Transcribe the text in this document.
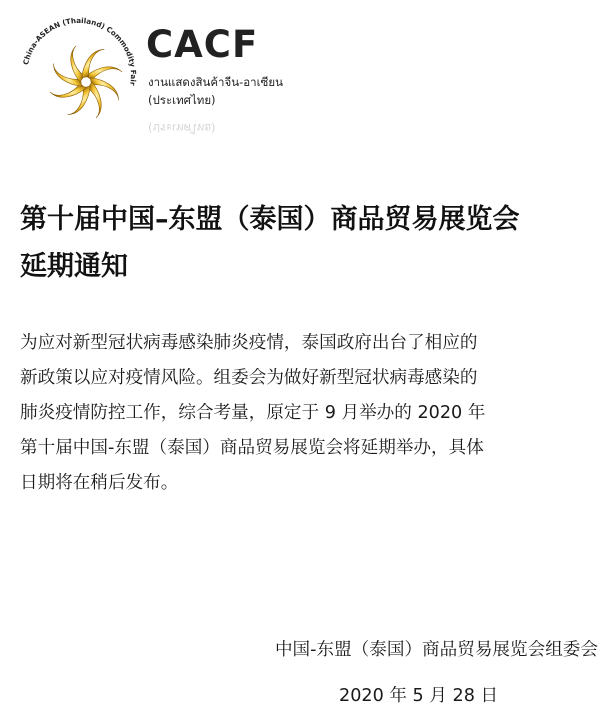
China-ASEAN (Thailand) Commodity Fair
CACF
งานแสดงสินค้าจีน-อาเซียน
(ประเทศไทย)
(ประเทศไทย)
第十届中国–东盟（泰国）商品贸易展览会
延期通知
为应对新型冠状病毒感染肺炎疫情，泰国政府出台了相应的
新政策以应对疫情风险。组委会为做好新型冠状病毒感染的
肺炎疫情防控工作，综合考量，原定于 9 月举办的 2020 年
第十届中国-东盟（泰国）商品贸易展览会将延期举办，具体
日期将在稍后发布。
中国-东盟（泰国）商品贸易展览会组委会
2020 年 5 月 28 日
